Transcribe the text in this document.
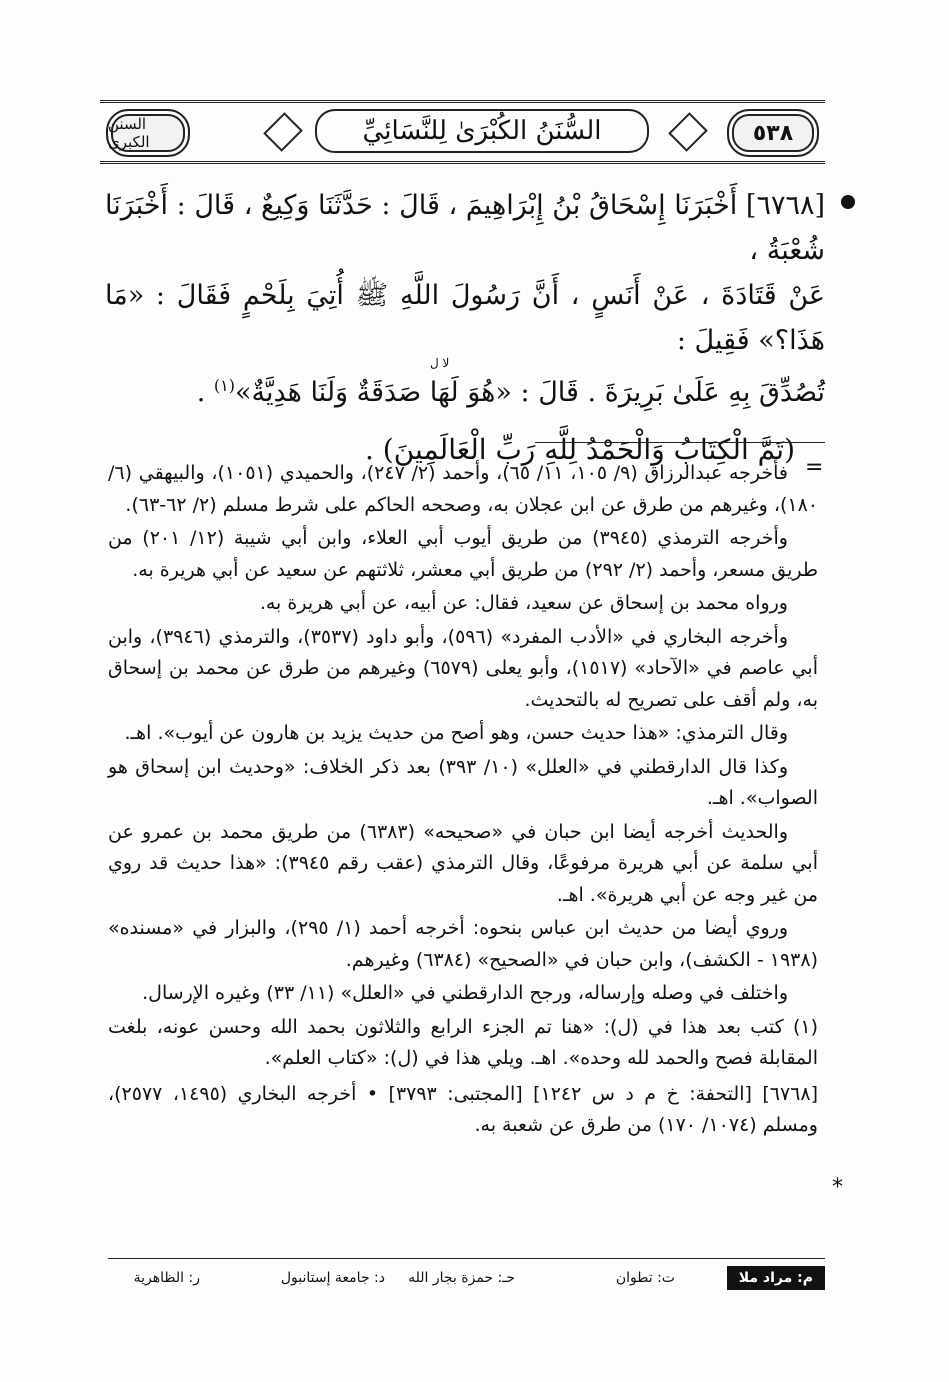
السنن الكبرى	السُّنَنُ الكُبْرَىٰ لِلنَّسَائِيِّ	٥٣٨
[٦٧٦٨] أَخْبَرَنَا إِسْحَاقُ بْنُ إِبْرَاهِيمَ ، قَالَ : حَدَّثَنَا وَكِيعٌ ، قَالَ : أَخْبَرَنَا شُعْبَةُ ،
عَنْ قَتَادَةَ ، عَنْ أَنَسٍ ، أَنَّ رَسُولَ اللَّهِ ﷺ أُتِيَ بِلَحْمٍ فَقَالَ : «مَا هَذَا؟» فَقِيلَ :
تُصُدِّقَ بِهِ عَلَىٰ بَرِيرَةَ . قَالَ : «هُوَ لَهَا صَدَقَةٌ وَلَنَا هَدِيَّةٌ»$^{(١)}$ .
(تَمَّ الْكِتَابُ وَالْحَمْدُ لِلَّهِ رَبِّ الْعَالَمِينَ) .
لا ل
=

فأخرجه عبدالرزاق (٩/ ١٠٥، ١١/ ٦٥)، وأحمد (٢/ ٢٤٧)، والحميدي (١٠٥١)، والبيهقي (٦/ ١٨٠)، وغيرهم من طرق عن ابن عجلان به، وصححه الحاكم على شرط مسلم (٢/ ٦٢-٦٣).

وأخرجه الترمذي (٣٩٤٥) من طريق أيوب أبي العلاء، وابن أبي شيبة (١٢/ ٢٠١) من طريق مسعر، وأحمد (٢/ ٢٩٢) من طريق أبي معشر، ثلاثتهم عن سعيد عن أبي هريرة به.

ورواه محمد بن إسحاق عن سعيد، فقال: عن أبيه، عن أبي هريرة به.

وأخرجه البخاري في «الأدب المفرد» (٥٩٦)، وأبو داود (٣٥٣٧)، والترمذي (٣٩٤٦)، وابن أبي عاصم في «الآحاد» (١٥١٧)، وأبو يعلى (٦٥٧٩) وغيرهم من طرق عن محمد بن إسحاق به، ولم أقف على تصريح له بالتحديث.

وقال الترمذي: «هذا حديث حسن، وهو أصح من حديث يزيد بن هارون عن أيوب». اهـ.

وكذا قال الدارقطني في «العلل» (١٠/ ٣٩٣) بعد ذكر الخلاف: «وحديث ابن إسحاق هو الصواب». اهـ.

والحديث أخرجه أيضا ابن حبان في «صحيحه» (٦٣٨٣) من طريق محمد بن عمرو عن أبي سلمة عن أبي هريرة مرفوعًا، وقال الترمذي (عقب رقم ٣٩٤٥): «هذا حديث قد روي من غير وجه عن أبي هريرة». اهـ.

وروي أيضا من حديث ابن عباس بنحوه: أخرجه أحمد (١/ ٢٩٥)، والبزار في «مسنده» (١٩٣٨ - الكشف)، وابن حبان في «الصحيح» (٦٣٨٤) وغيرهم.

واختلف في وصله وإرساله، ورجح الدارقطني في «العلل» (١١/ ٣٣) وغيره الإرسال.

(١) كتب بعد هذا في (ل): «هنا تم الجزء الرابع والثلاثون بحمد الله وحسن عونه، بلغت المقابلة فصح والحمد لله وحده». اهـ. ويلي هذا في (ل): «كتاب العلم».

[٦٧٦٨] [التحفة: خ م د س ١٢٤٢] [المجتبى: ٣٧٩٣] • أخرجه البخاري (١٤٩٥، ٢٥٧٧)، ومسلم (١٠٧٤/ ١٧٠) من طرق عن شعبة به.

*
م: مراد ملا
ت: تطوان
حـ: حمزة بجار الله
د: جامعة إستانبول
ر: الظاهرية
